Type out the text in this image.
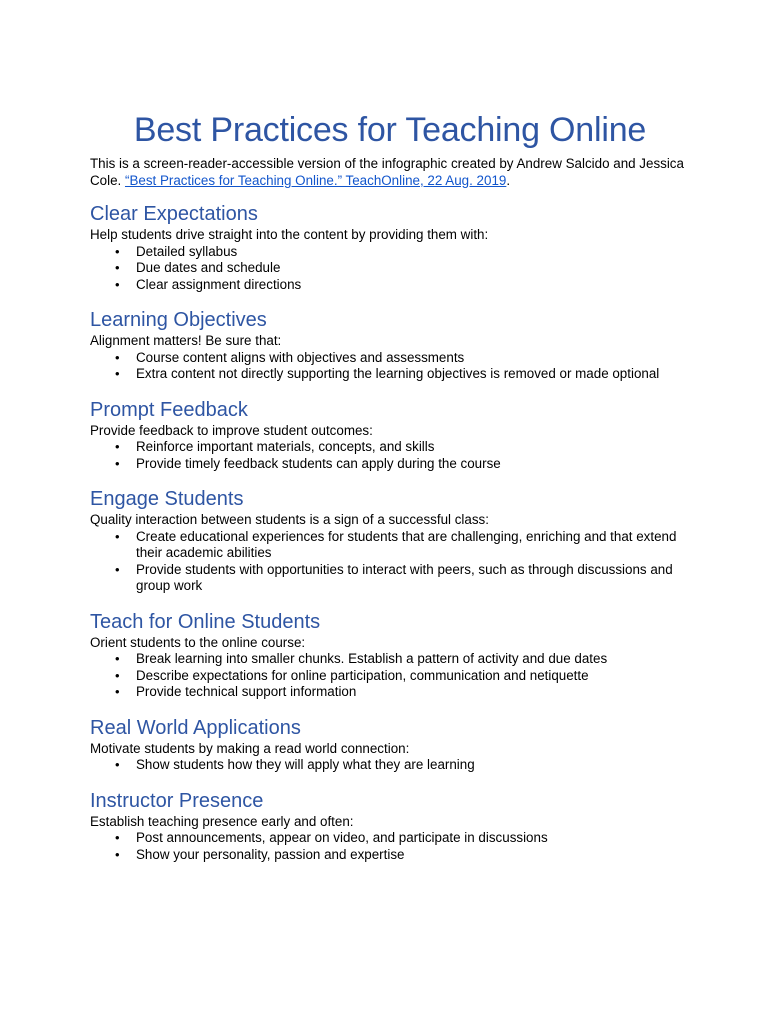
Best Practices for Teaching Online

This is a screen-reader-accessible version of the infographic created by Andrew Salcido and Jessica Cole. “Best Practices for Teaching Online.” TeachOnline, 22 Aug. 2019.

Clear Expectations

Help students drive straight into the content by providing them with:

• Detailed syllabus
• Due dates and schedule
• Clear assignment directions
Learning Objectives

Alignment matters! Be sure that:

• Course content aligns with objectives and assessments
• Extra content not directly supporting the learning objectives is removed or made optional
Prompt Feedback

Provide feedback to improve student outcomes:

• Reinforce important materials, concepts, and skills
• Provide timely feedback students can apply during the course
Engage Students

Quality interaction between students is a sign of a successful class:

• Create educational experiences for students that are challenging, enriching and that extend their academic abilities
• Provide students with opportunities to interact with peers, such as through discussions and group work
Teach for Online Students

Orient students to the online course:

• Break learning into smaller chunks. Establish a pattern of activity and due dates
• Describe expectations for online participation, communication and netiquette
• Provide technical support information
Real World Applications

Motivate students by making a read world connection:

• Show students how they will apply what they are learning
Instructor Presence

Establish teaching presence early and often:

• Post announcements, appear on video, and participate in discussions
• Show your personality, passion and expertise
